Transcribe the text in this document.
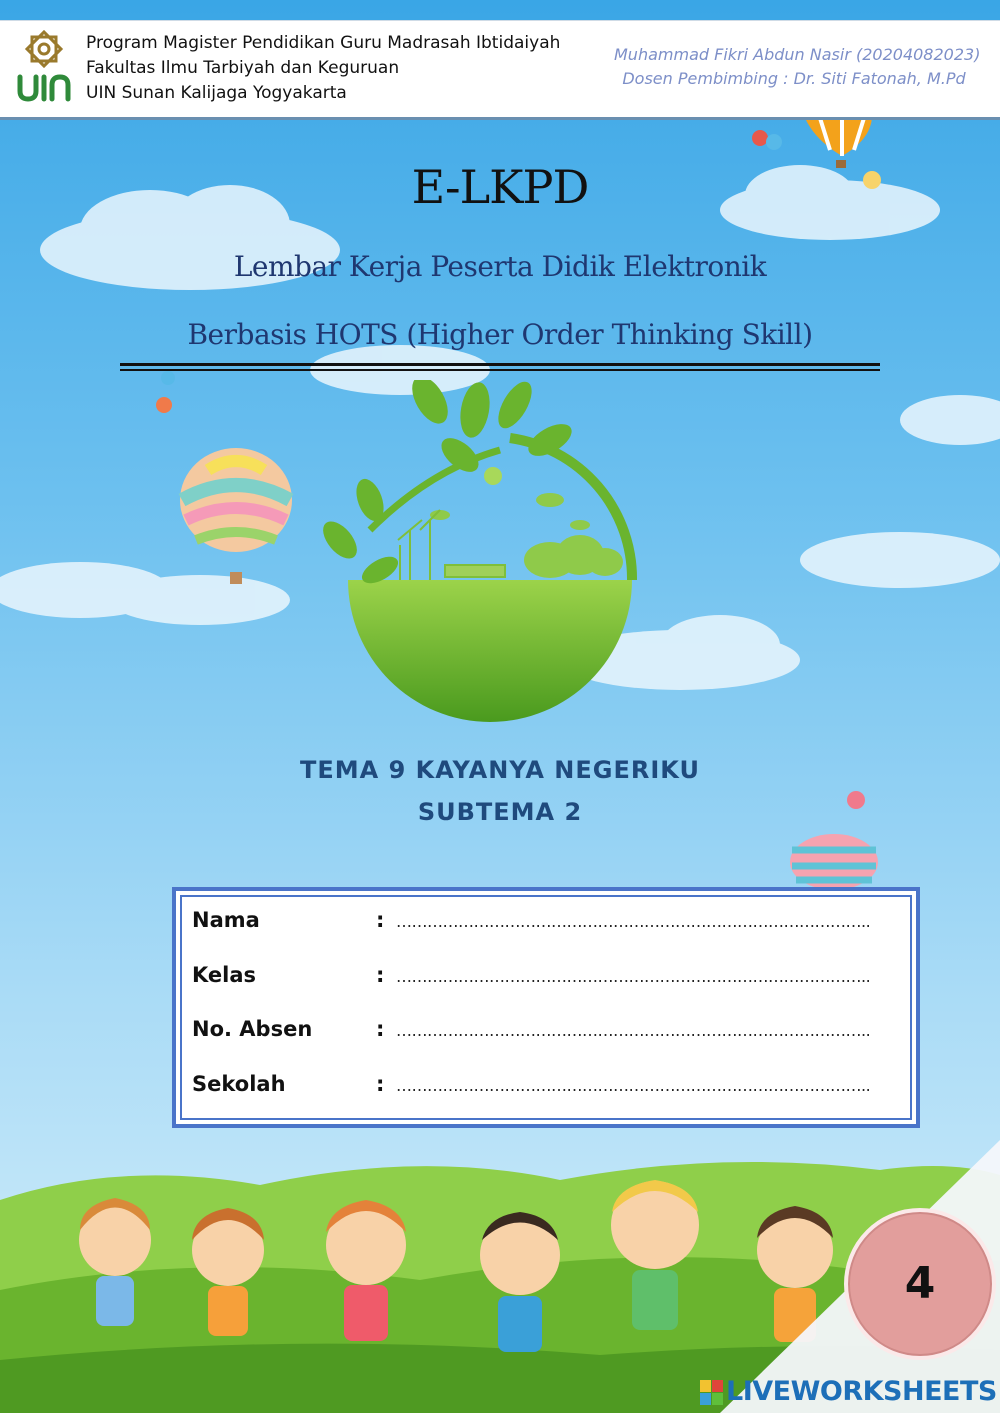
Program Magister Pendidikan Guru Madrasah Ibtidaiyah
Fakultas Ilmu Tarbiyah dan Keguruan
UIN Sunan Kalijaga Yogyakarta
Muhammad Fikri Abdun Nasir (20204082023)
Dosen Pembimbing : Dr. Siti Fatonah, M.Pd
E-LKPD
Lembar Kerja Peserta Didik Elektronik
Berbasis HOTS (Higher Order Thinking Skill)
TEMA 9 KAYANYA NEGERIKU
SUBTEMA 2
Nama	: ………………………………………………………………………………..
Kelas	: ………………………………………………………………………………..
No. Absen	: ………………………………………………………………………………..
Sekolah	: ………………………………………………………………………………..
4
LIVEWORKSHEETS
